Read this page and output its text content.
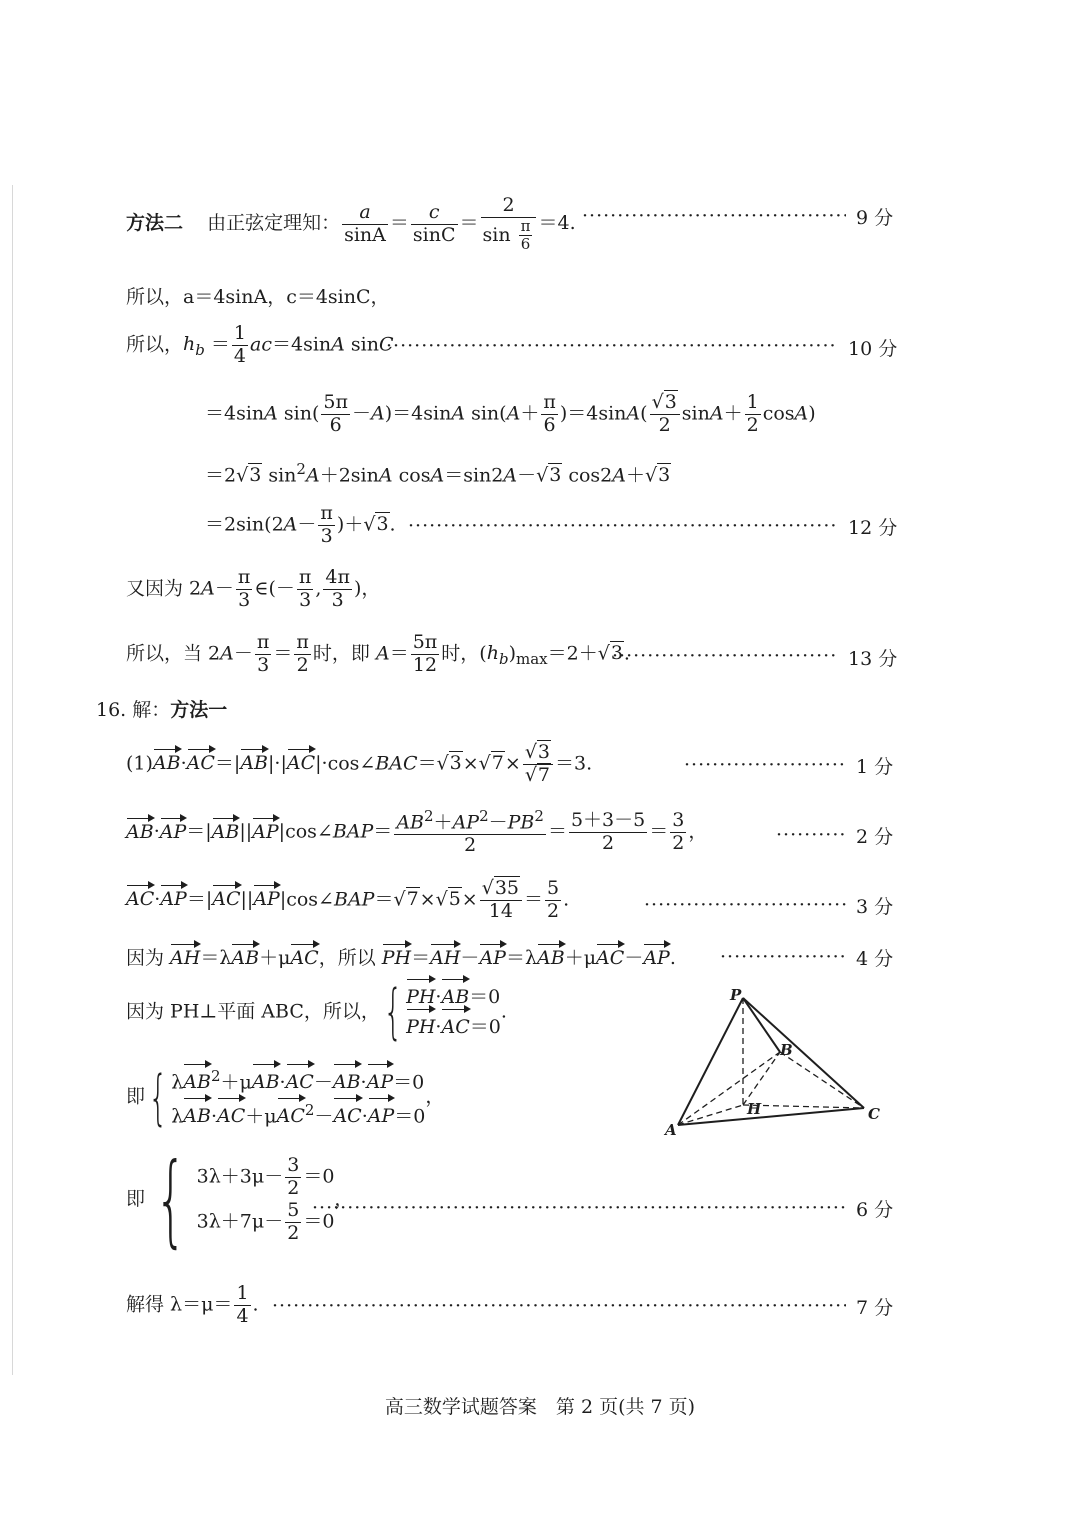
方法二 由正弦定理知： $\frac{a}{\sin A} = \frac{c}{\sin C} = \frac{2}{\sin \frac{\pi}{6}} =4$. ·····	9 分
所以，a＝4sinA，c＝4sinC，
所以，$h_b = \frac{1}{4} ac=4\sin A$ sinC ·····	10 分
＝4sinA $\sin( \frac{5\pi}{6} -A)=4\sin A$ $\sin(A+ \frac{\pi}{6} )=4\sin A( \frac{√3}{2} \sin A+ \frac{1}{2} \cos A)$
＝2√3 $\sin^2A+2\sin A$ cosA＝sin2A－√3 cos2A＋√3
$=2\sin(2A- \frac{\pi}{3} )+√3$. ·····	12 分
又因为 $2A- \frac{\pi}{3}$ ∈(－ $\frac{\pi}{3}$ , $\frac{4\pi}{3}$ )，
所以，当 $2A- \frac{\pi}{3} = \frac{\pi}{2}$ 时，即 $A= \frac{5\pi}{12}$ 时，$(h_b)_{max}=2+√3$. ·····	13 分
16. 解：方法一
(1)AB·AC＝|AB|·|AC|·cos∠BAC＝√3×√7× $\frac{√3}{√7} =3$. ·····	1 分
AB·AP＝|AB||AP|cos∠BAP＝ $\frac{AB^2+AP^2-PB^2}{2} = \frac{5+3-5}{2} = \frac{3}{2}$ ， ·····	2 分
AC·AP＝|AC||AP|cos∠BAP＝√7×√5× $\frac{√35}{14} = \frac{5}{2}$ . ·····	3 分
因为 AH＝λAB＋μAC，所以 PH＝AH－AP＝λAB＋μAC－AP. ·····	4 分
因为 PH⊥平面 ABC，所以，{ PH·AB＝0
PH·AC＝0
.
即{ λAB$^2$＋μAB·AC－AB·AP＝0
λAB·AC＋μAC$^2$－AC·AP＝0
，
即{ $3\lambda+3\mu- \frac{3}{2} =0$
$3\lambda+7\mu- \frac{5}{2} =0$
， ·····	6 分
解得 $\lambda=\mu= \frac{1}{4}$ . ·····	7 分
P
B
H
A
C
高三数学试题答案　第 2 页(共 7 页)
